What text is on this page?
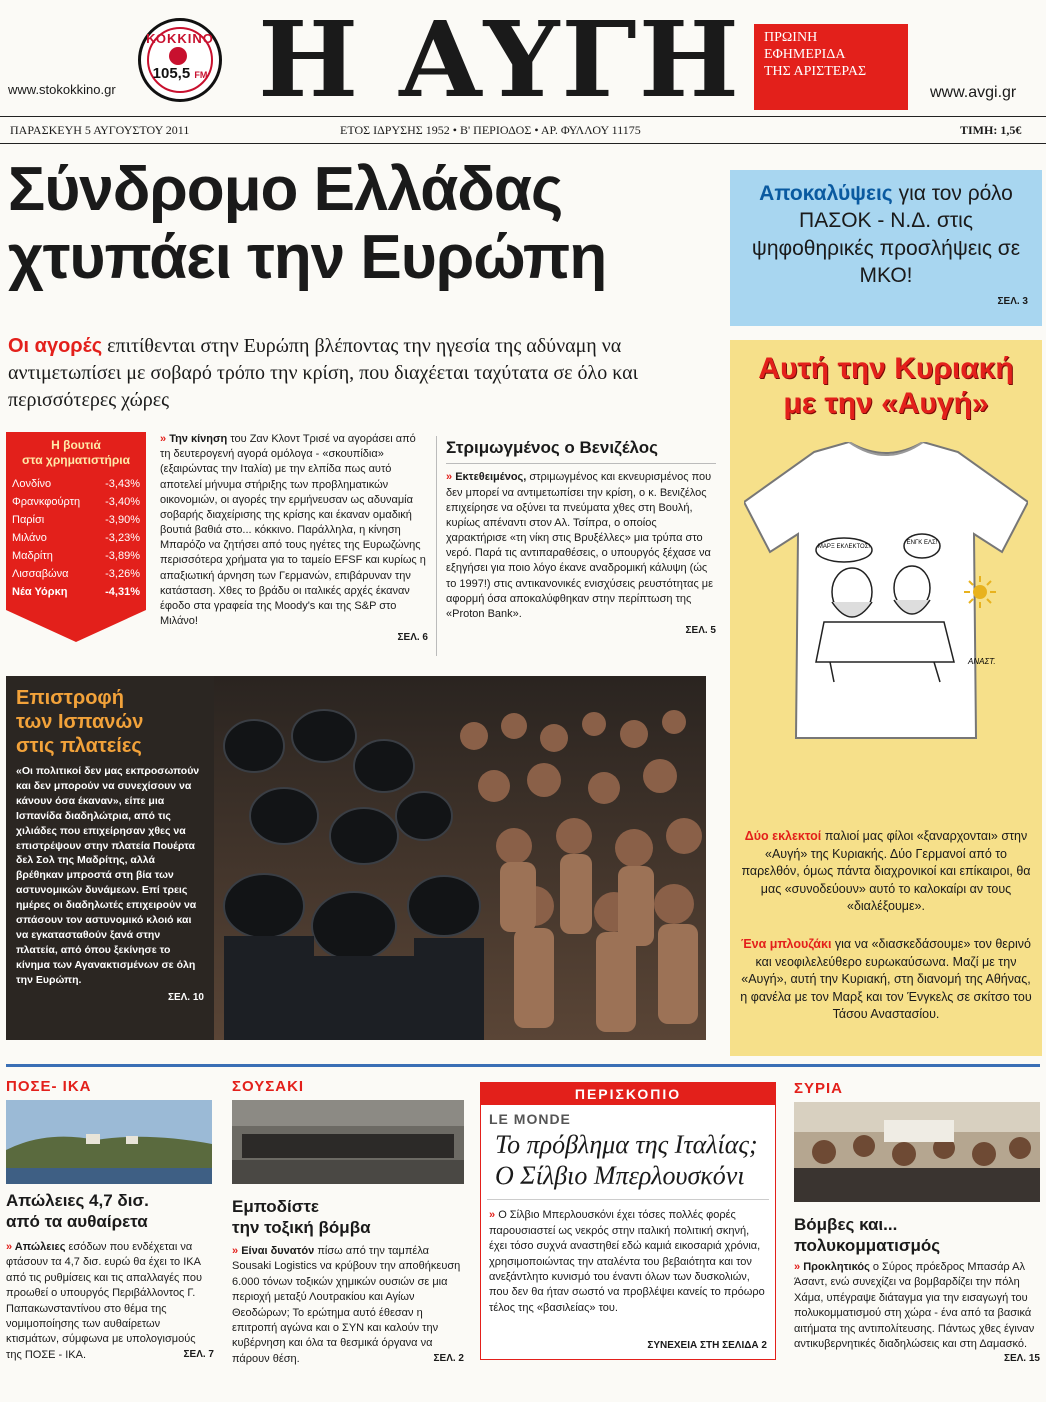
ΚΟΚΚΙΝΟ
105,5 FM
www.stokokkino.gr Η ΑΥΓΗ ΠΡΩΙΝΗ
ΕΦΗΜΕΡΙΔΑ
ΤΗΣ ΑΡΙΣΤΕΡΑΣ
www.avgi.gr
ΠΑΡΑΣΚΕΥΗ 5 ΑΥΓΟΥΣΤΟΥ 2011	ΕΤΟΣ ΙΔΡΥΣΗΣ 1952 • Β' ΠΕΡΙΟΔΟΣ • ΑΡ. ΦΥΛΛΟΥ 11175	ΤΙΜΗ: 1,5€
Σύνδρομο Ελλάδας
χτυπάει την Ευρώπη
Οι αγορές επιτίθενται στην Ευρώπη βλέποντας την ηγεσία της αδύναμη να αντιμετωπίσει με σοβαρό τρόπο την κρίση, που διαχέεται ταχύτατα σε όλο και περισσότερες χώρες
Αποκαλύψεις για τον ρόλο ΠΑΣΟΚ - Ν.Δ. στις ψηφοθηρικές προσλήψεις σε ΜΚΟ!
ΣΕΛ. 3
Η βουτιά
στα χρηματιστήρια
Λονδίνο	-3,43%
Φρανκφούρτη -3,40%
Παρίσι	-3,90%
Μιλάνο	-3,23%
Μαδρίτη	-3,89%
Λισσαβώνα	-3,26%
Νέα Υόρκη	-4,31%
» Την κίνηση του Ζαν Κλοντ Τρισέ να αγοράσει από τη δευτερογενή αγορά ομόλογα - «σκουπίδια» (εξαιρώντας την Ιταλία) με την ελπίδα πως αυτό αποτελεί μήνυμα στήριξης των προβληματικών οικονομιών, οι αγορές την ερμήνευσαν ως αδυναμία σοβαρής διαχείρισης της κρίσης και έκαναν ομαδική βουτιά βαθιά στο... κόκκινο. Παράλληλα, η κίνηση Μπαρόζο να ζητήσει από τους ηγέτες της Ευρωζώνης περισσότερα χρήματα για το ταμείο EFSF και κυρίως η απαξιωτική άρνηση των Γερμανών, επιβάρυναν την κατάσταση. Χθες το βράδυ οι ιταλικές αρχές έκαναν έφοδο στα γραφεία της Moody's και της S&P στο Μιλάνο!
ΣΕΛ. 6
Στριμωγμένος ο Βενιζέλος
» Εκτεθειμένος, στριμωγμένος και εκνευρισμένος που δεν μπορεί να αντιμετωπίσει την κρίση, ο κ. Βενιζέλος επιχείρησε να οξύνει τα πνεύματα χθες στη Βουλή, κυρίως απέναντι στον Αλ. Τσίπρα, ο οποίος χαρακτήρισε «τη νίκη στις Βρυξέλλες» μια τρύπα στο νερό. Παρά τις αντιπαραθέσεις, ο υπουργός ξέχασε να εξηγήσει για ποιο λόγο έκανε αναδρομική κάλυψη (ώς το 1997!) στις αντικανονικές ενισχύσεις ρευστότητας με αφορμή όσα αποκαλύφθηκαν στην περίπτωση της «Proton Bank».
ΣΕΛ. 5
Αυτή την Κυριακή
με την «Αυγή»
ΜΑΡΞ ΕΚΛΕΚΤΟΣ!
ΕΝΓΚ ΕΛΣ!
ΑΝΑΣΤ.
Δύο εκλεκτοί παλιοί μας φίλοι «ξαναρχονται» στην «Αυγή» της Κυριακής. Δύο Γερμανοί από το παρελθόν, όμως πάντα διαχρονικοί και επίκαιροι, θα μας «συνοδεύουν» αυτό το καλοκαίρι αν τους «διαλέξουμε».
Ένα μπλουζάκι για να «διασκεδάσουμε» τον θερινό και νεοφιλελεύθερο ευρωκαύσωνα. Μαζί με την «Αυγή», αυτή την Κυριακή, στη διανομή της Αθήνας, η φανέλα με τον Μαρξ και τον Ένγκελς σε σκίτσο του Τάσου Αναστασίου.
Επιστροφή
των Ισπανών
στις πλατείες
«Οι πολιτικοί δεν μας εκπροσωπούν και δεν μπορούν να συνεχίσουν να κάνουν όσα έκαναν», είπε μια Ισπανίδα διαδηλώτρια, από τις χιλιάδες που επιχείρησαν χθες να επιστρέψουν στην πλατεία Πουέρτα δελ Σολ της Μαδρίτης, αλλά βρέθηκαν μπροστά στη βία των αστυνομικών δυνάμεων. Επί τρεις ημέρες οι διαδηλωτές επιχειρούν να σπάσουν τον αστυνομικό κλοιό και να εγκατασταθούν ξανά στην πλατεία, από όπου ξεκίνησε το κίνημα των Αγανακτισμένων σε όλη την Ευρώπη.
ΣΕΛ. 10
ΠΟΣΕ- ΙΚΑ
Απώλειες 4,7 δισ.
από τα αυθαίρετα
» Απώλειες εσόδων που ενδέχεται να φτάσουν τα 4,7 δισ. ευρώ θα έχει το ΙΚΑ από τις ρυθμίσεις και τις απαλλαγές που προωθεί ο υπουργός Περιβάλλοντος Γ. Παπακωνσταντίνου στο θέμα της νομιμοποίησης των αυθαίρετων κτισμάτων, σύμφωνα με υπολογισμούς της ΠΟΣΕ - ΙΚΑ.	ΣΕΛ. 7
ΣΟΥΣΑΚΙ
Εμποδίστε
την τοξική βόμβα
» Είναι δυνατόν πίσω από την ταμπέλα Sousaki Logistics να κρύβουν την αποθήκευση 6.000 τόνων τοξικών χημικών ουσιών σε μια περιοχή μεταξύ Λουτρακίου και Αγίων Θεοδώρων; Το ερώτημα αυτό έθεσαν η επιτροπή αγώνα και ο ΣΥΝ και καλούν την κυβέρνηση και όλα τα θεσμικά όργανα να πάρουν θέση.	ΣΕΛ. 2
ΠΕΡΙΣΚΟΠΙΟ
LE MONDE
Το πρόβλημα της Ιταλίας;
Ο Σίλβιο Μπερλουσκόνι
» Ο Σίλβιο Μπερλουσκόνι έχει τόσες πολλές φορές παρουσιαστεί ως νεκρός στην ιταλική πολιτική σκηνή, έχει τόσο συχνά αναστηθεί εδώ καμιά εικοσαριά χρόνια, χρησιμοποιώντας την αταλέντα του βεβαιότητα και τον ανεξάντλητο κυνισμό του έναντι όλων των δυσκολιών, που δεν θα ήταν σωστό να προβλέψει κανείς το πρόωρο τέλος της «βασιλείας» του.
ΣΥΝΕΧΕΙΑ ΣΤΗ ΣΕΛΙΔΑ 2
ΣΥΡΙΑ
Βόμβες και...
πολυκομματισμός
» Προκλητικός ο Σύρος πρόεδρος Μπασάρ Αλ Άσαντ, ενώ συνεχίζει να βομβαρδίζει την πόλη Χάμα, υπέγραψε διάταγμα για την εισαγωγή του πολυκομματισμού στη χώρα - ένα από τα βασικά αιτήματα της αντιπολίτευσης. Πάντως χθες έγιναν αντικυβερνητικές διαδηλώσεις και στη Δαμασκό.
ΣΕΛ. 15
